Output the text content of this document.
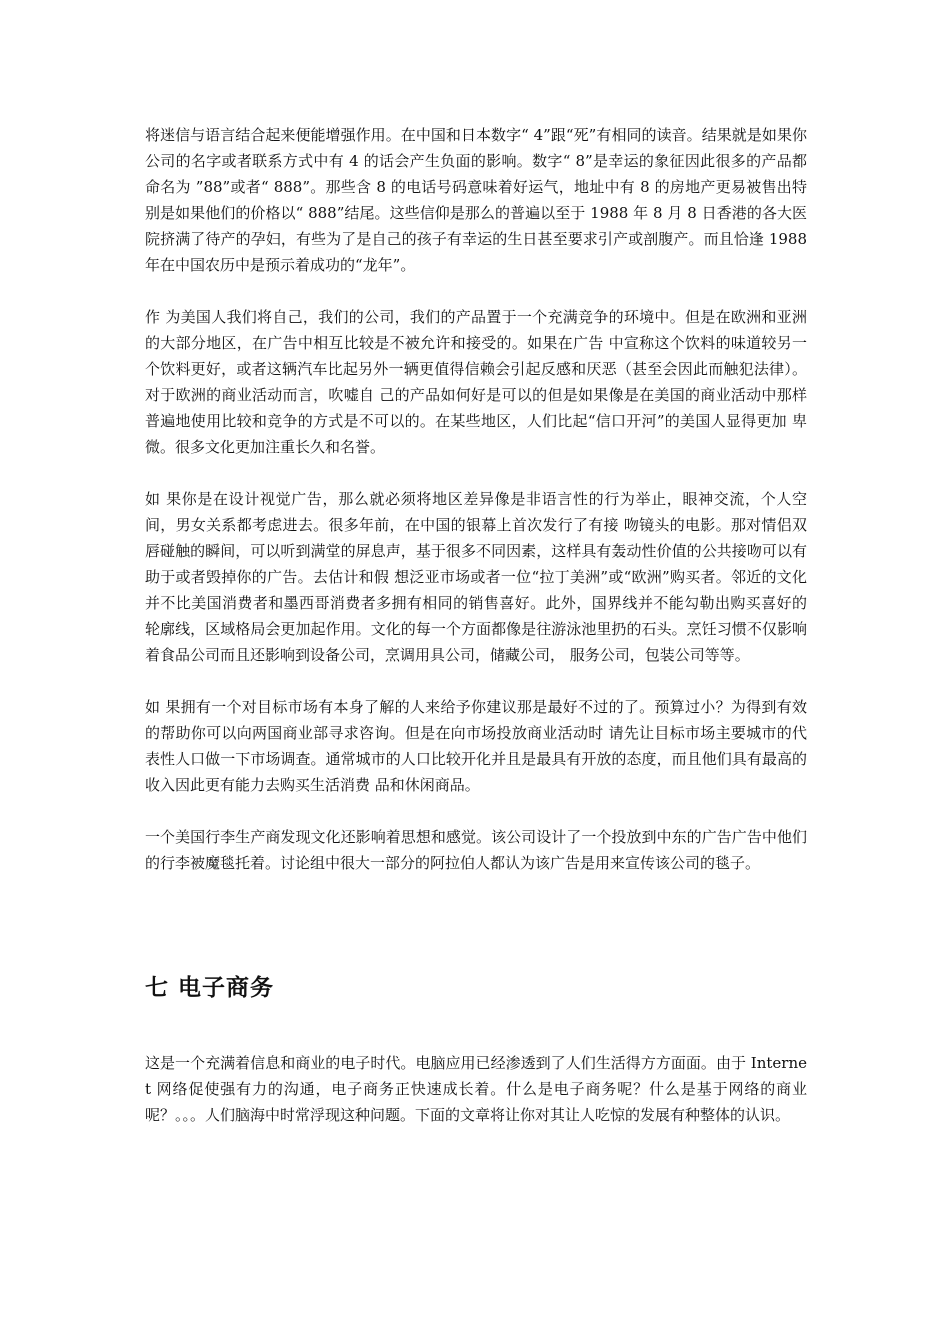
将迷信与语言结合起来便能增强作用。在中国和日本数字“ 4”跟“死”有相同的读音。结果就是如果你公司的名字或者联系方式中有 4 的话会产生负面的影响。数字“ 8”是幸运的象征因此很多的产品都命名为 ”88”或者“ 888”。那些含 8 的电话号码意味着好运气，地址中有 8 的房地产更易被售出特别是如果他们的价格以“ 888”结尾。这些信仰是那么的普遍以至于 1988 年 8 月 8 日香港的各大医院挤满了待产的孕妇，有些为了是自己的孩子有幸运的生日甚至要求引产或剖腹产。而且恰逢 1988 年在中国农历中是预示着成功的“龙年”。

作 为美国人我们将自己，我们的公司，我们的产品置于一个充满竞争的环境中。但是在欧洲和亚洲的大部分地区，在广告中相互比较是不被允许和接受的。如果在广告 中宣称这个饮料的味道较另一个饮料更好，或者这辆汽车比起另外一辆更值得信赖会引起反感和厌恶（甚至会因此而触犯法律）。对于欧洲的商业活动而言，吹嘘自 己的产品如何好是可以的但是如果像是在美国的商业活动中那样普遍地使用比较和竞争的方式是不可以的。在某些地区，人们比起“信口开河”的美国人显得更加 卑微。很多文化更加注重长久和名誉。

如 果你是在设计视觉广告，那么就必须将地区差异像是非语言性的行为举止，眼神交流，个人空间，男女关系都考虑进去。很多年前，在中国的银幕上首次发行了有接 吻镜头的电影。那对情侣双唇碰触的瞬间，可以听到满堂的屏息声，基于很多不同因素，这样具有轰动性价值的公共接吻可以有助于或者毁掉你的广告。去估计和假 想泛亚市场或者一位“拉丁美洲”或“欧洲”购买者。邻近的文化并不比美国消费者和墨西哥消费者多拥有相同的销售喜好。此外，国界线并不能勾勒出购买喜好的 轮廓线，区域格局会更加起作用。文化的每一个方面都像是往游泳池里扔的石头。烹饪习惯不仅影响着食品公司而且还影响到设备公司，烹调用具公司，储藏公司， 服务公司，包装公司等等。

如 果拥有一个对目标市场有本身了解的人来给予你建议那是最好不过的了。预算过小？为得到有效的帮助你可以向两国商业部寻求咨询。但是在向市场投放商业活动时 请先让目标市场主要城市的代表性人口做一下市场调查。通常城市的人口比较开化并且是最具有开放的态度，而且他们具有最高的收入因此更有能力去购买生活消费 品和休闲商品。

一个美国行李生产商发现文化还影响着思想和感觉。该公司设计了一个投放到中东的广告广告中他们的行李被魔毯托着。讨论组中很大一部分的阿拉伯人都认为该广告是用来宣传该公司的毯子。

七 电子商务

这是一个充满着信息和商业的电子时代。电脑应用已经渗透到了人们生活得方方面面。由于 Internet 网络促使强有力的沟通，电子商务正快速成长着。什么是电子商务呢？什么是基于网络的商业呢？。。。人们脑海中时常浮现这种问题。下面的文章将让你对其让人吃惊的发展有种整体的认识。
